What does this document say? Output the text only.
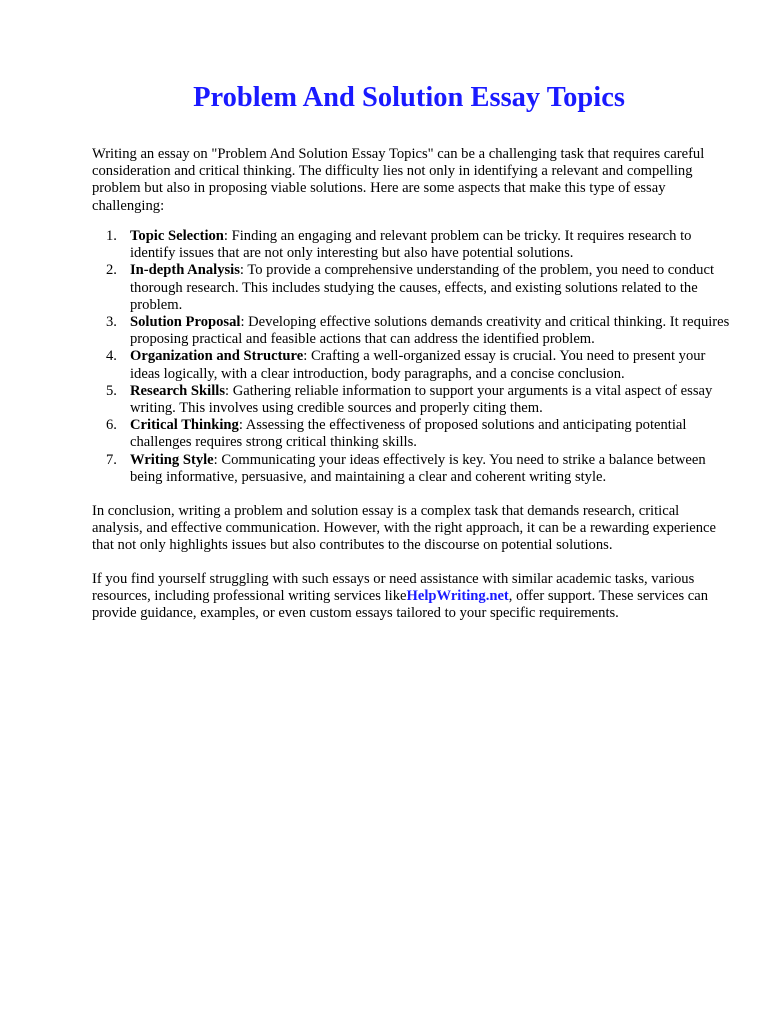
Problem And Solution Essay Topics

Writing an essay on "Problem And Solution Essay Topics" can be a challenging task that requires careful consideration and critical thinking. The difficulty lies not only in identifying a relevant and compelling problem but also in proposing viable solutions. Here are some aspects that make this type of essay challenging:

1. Topic Selection: Finding an engaging and relevant problem can be tricky. It requires research to identify issues that are not only interesting but also have potential solutions.
2. In-depth Analysis: To provide a comprehensive understanding of the problem, you need to conduct thorough research. This includes studying the causes, effects, and existing solutions related to the problem.
3. Solution Proposal: Developing effective solutions demands creativity and critical thinking. It requires proposing practical and feasible actions that can address the identified problem.
4. Organization and Structure: Crafting a well-organized essay is crucial. You need to present your ideas logically, with a clear introduction, body paragraphs, and a concise conclusion.
5. Research Skills: Gathering reliable information to support your arguments is a vital aspect of essay writing. This involves using credible sources and properly citing them.
6. Critical Thinking: Assessing the effectiveness of proposed solutions and anticipating potential challenges requires strong critical thinking skills.
7. Writing Style: Communicating your ideas effectively is key. You need to strike a balance between being informative, persuasive, and maintaining a clear and coherent writing style.

In conclusion, writing a problem and solution essay is a complex task that demands research, critical analysis, and effective communication. However, with the right approach, it can be a rewarding experience that not only highlights issues but also contributes to the discourse on potential solutions.

If you find yourself struggling with such essays or need assistance with similar academic tasks, various resources, including professional writing services likeHelpWriting.net, offer support. These services can provide guidance, examples, or even custom essays tailored to your specific requirements.
